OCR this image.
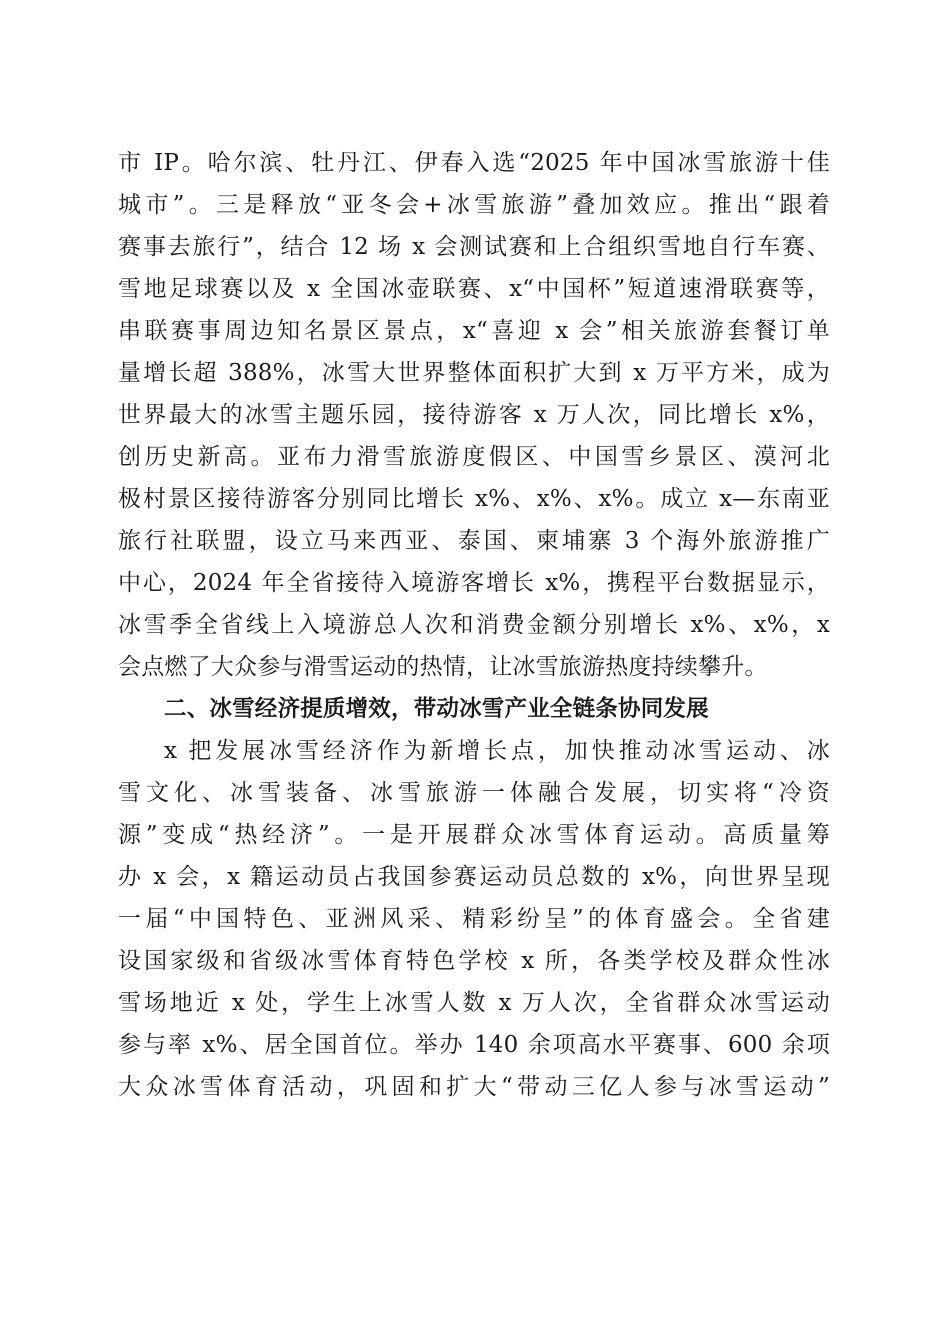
市 IP。哈尔滨、牡丹江、伊春入选“2025 年中国冰雪旅游十佳
城市”。三是释放“亚冬会+冰雪旅游”叠加效应。推出“跟着
赛事去旅行”，结合 12 场 x 会测试赛和上合组织雪地自行车赛、
雪地足球赛以及 x 全国冰壶联赛、x“中国杯”短道速滑联赛等，
串联赛事周边知名景区景点，x“喜迎 x 会”相关旅游套餐订单
量增长超 388%，冰雪大世界整体面积扩大到 x 万平方米，成为
世界最大的冰雪主题乐园，接待游客 x 万人次，同比增长 x%，
创历史新高。亚布力滑雪旅游度假区、中国雪乡景区、漠河北
极村景区接待游客分别同比增长 x%、x%、x%。成立 x—东南亚
旅行社联盟，设立马来西亚、泰国、柬埔寨 3 个海外旅游推广
中心，2024 年全省接待入境游客增长 x%，携程平台数据显示，
冰雪季全省线上入境游总人次和消费金额分别增长 x%、x%，x
会点燃了大众参与滑雪运动的热情，让冰雪旅游热度持续攀升。
二、冰雪经济提质增效，带动冰雪产业全链条协同发展
x 把发展冰雪经济作为新增长点，加快推动冰雪运动、冰
雪文化、冰雪装备、冰雪旅游一体融合发展，切实将“冷资
源”变成“热经济”。一是开展群众冰雪体育运动。高质量筹
办 x 会，x 籍运动员占我国参赛运动员总数的 x%，向世界呈现
一届“中国特色、亚洲风采、精彩纷呈”的体育盛会。全省建
设国家级和省级冰雪体育特色学校 x 所，各类学校及群众性冰
雪场地近 x 处，学生上冰雪人数 x 万人次，全省群众冰雪运动
参与率 x%、居全国首位。举办 140 余项高水平赛事、600 余项
大众冰雪体育活动，巩固和扩大“带动三亿人参与冰雪运动”
